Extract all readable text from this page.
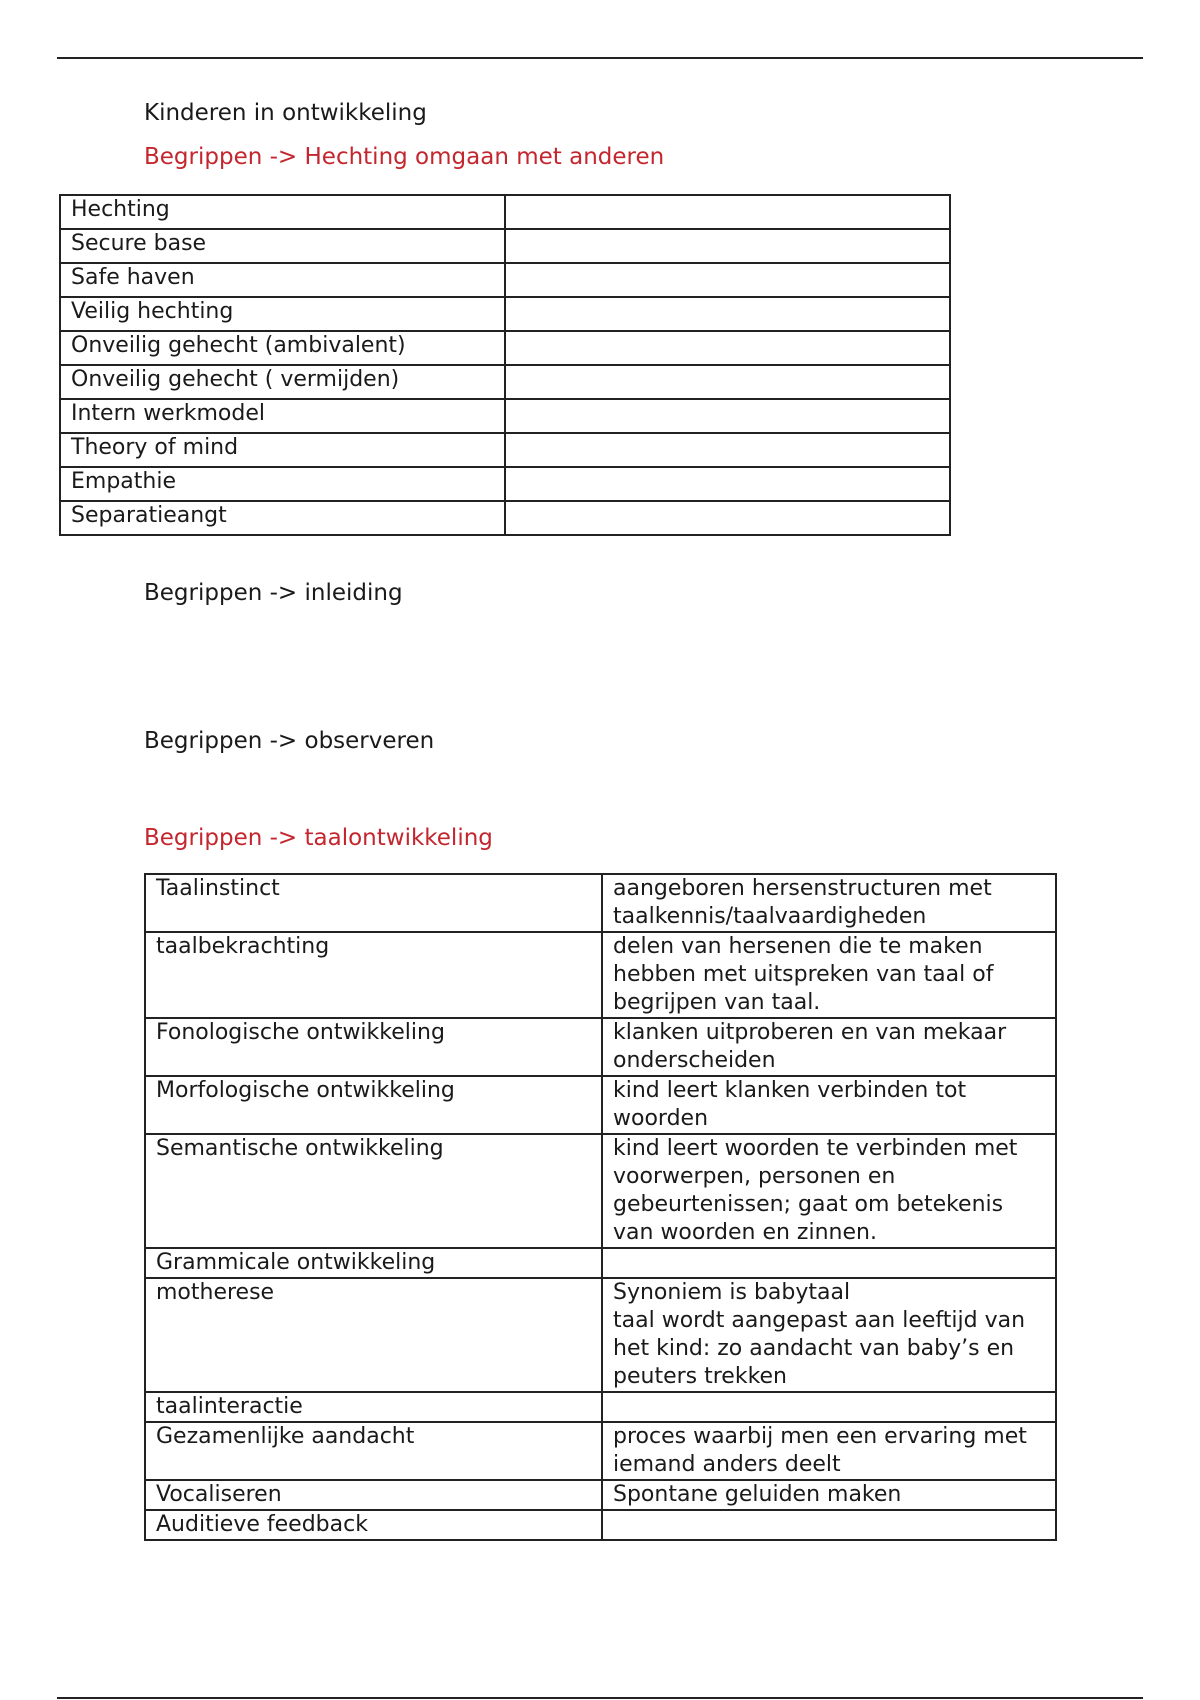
Kinderen in ontwikkeling
Begrippen -> Hechting omgaan met anderen
Hechting	
Secure base	
Safe haven	
Veilig hechting	
Onveilig gehecht (ambivalent)	
Onveilig gehecht ( vermijden)	
Intern werkmodel	
Theory of mind	
Empathie	
Separatieangt	
Begrippen -> inleiding
Begrippen -> observeren
Begrippen -> taalontwikkeling
Taalinstinct	aangeboren hersenstructuren met taalkennis/taalvaardigheden
taalbekrachting	delen van hersenen die te maken hebben met uitspreken van taal of begrijpen van taal.
Fonologische ontwikkeling	klanken uitproberen en van mekaar onderscheiden
Morfologische ontwikkeling	kind leert klanken verbinden tot woorden
Semantische ontwikkeling	kind leert woorden te verbinden met voorwerpen, personen en gebeurtenissen; gaat om betekenis van woorden en zinnen.
Grammicale ontwikkeling	
motherese	Synoniem is babytaal
taal wordt aangepast aan leeftijd van het kind: zo aandacht van baby’s en peuters trekken
taalinteractie	
Gezamenlijke aandacht	proces waarbij men een ervaring met iemand anders deelt
Vocaliseren	Spontane geluiden maken
Auditieve feedback	
